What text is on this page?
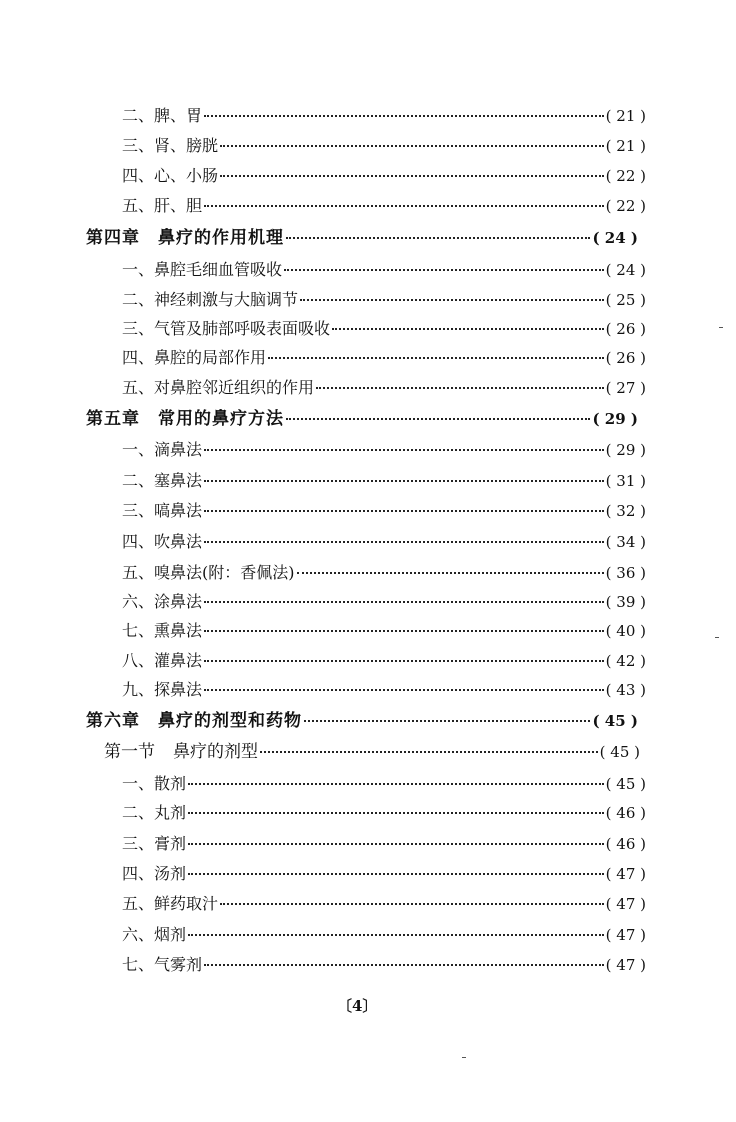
二、 脾、胃	( 21 )
三、 肾、膀胱	( 21 )
四、 心、小肠	( 22 )
五、 肝、胆	( 22 )
第四章 鼻疗的作用机理	( 24 )
一、 鼻腔毛细血管吸收	( 24 )
二、 神经刺激与大脑调节	( 25 )
三、 气管及肺部呼吸表面吸收	( 26 )
四、 鼻腔的局部作用	( 26 )
五、 对鼻腔邻近组织的作用	( 27 )
第五章 常用的鼻疗方法	( 29 )
一、 滴鼻法	( 29 )
二、 塞鼻法	( 31 )
三、 嗃鼻法	( 32 )
四、 吹鼻法	( 34 )
五、 嗅鼻法(附：香佩法)	( 36 )
六、 涂鼻法	( 39 )
七、 熏鼻法	( 40 )
八、 灌鼻法	( 42 )
九、 探鼻法	( 43 )
第六章 鼻疗的剂型和药物	( 45 )
第一节 鼻疗的剂型	( 45 )
一、 散剂	( 45 )
二、 丸剂	( 46 )
三、 膏剂	( 46 )
四、 汤剂	( 47 )
五、 鲜药取汁	( 47 )
六、 烟剂	( 47 )
七、 气雾剂	( 47 )
〔4〕
